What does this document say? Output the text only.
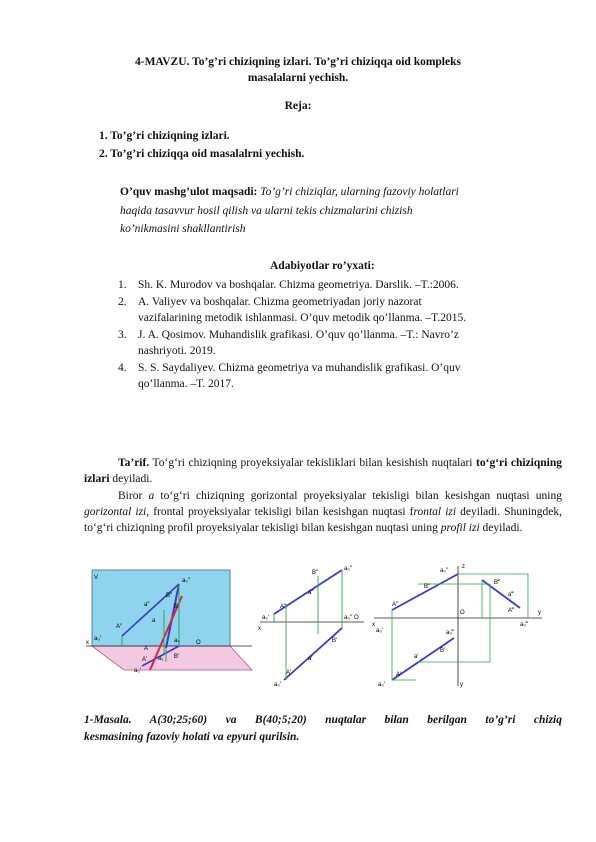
4-MAVZU. To’g’ri chiziqning izlari. To’g’ri chiziqqa oid kompleks
masalalarni yechish.
Reja:
1. To’g’ri chiziqning izlari.
2. To’g’ri chiziqqa oid masalalrni yechish.
O’quv mashg’ulot maqsadi: To’g’ri chiziqlar, ularning fazoviy holatlari
haqida tasavvur hosil qilish va ularni tekis chizmalarini chizish
ko’nikmasini shakllantirish
Adabiyotlar ro’yxati:
1. Sh. K. Murodov va boshqalar. Chizma geometriya. Darslik. –T.:2006.
2. A. Valiyev va boshqalar. Chizma geometriyadan joriy nazorat
vazifalarining metodik ishlanmasi. O’quv metodik qo’llanma. –T.2015.
3. J. A. Qosimov. Muhandislik grafikasi. O’quv qo’llanma. –T.: Navro’z
nashriyoti. 2019.
4. S. S. Saydaliyev. Chizma geometriya va muhandislik grafikasi. O’quv
qo’llanma. –T. 2017.
Ta’rif. To‘g‘ri chiziqning proyeksiyalar tekisliklari bilan kesishish nuqtalari to‘g‘ri chiziqning izlari deyiladi.
Biror a to‘g‘ri chiziqning gorizontal proyeksiyalar tekisligi bilan kesishgan nuqtasi uning gorizontal izi, frontal proyeksiyalar tekisligi bilan kesishgan nuqtasi frontal izi deyiladi. Shuningdek, to‘g‘ri chiziqning profil proyeksiyalar tekisligi bilan kesishgan nuqtasi uning profil izi deyiladi.
V	a₀″
B″
a″	B
A″
a
a₀′	a₀
A
B′
A′ a₁
a₀′
O
x
a₀″
B″
a″
A″
a₀′	a₀″ O
x
B′
a′
A′
a₀′
z
a₀″
B″
B‴
a‴
A″
A‴
a₀‴
O
x
y
a₀′	a₀‴
a′
B′
A′
a₀′	y
1-Masala. A(30;25;60) va B(40;5;20) nuqtalar bilan berilgan to’g’ri chiziq
kesmasining fazoviy holati va epyuri qurilsin.
